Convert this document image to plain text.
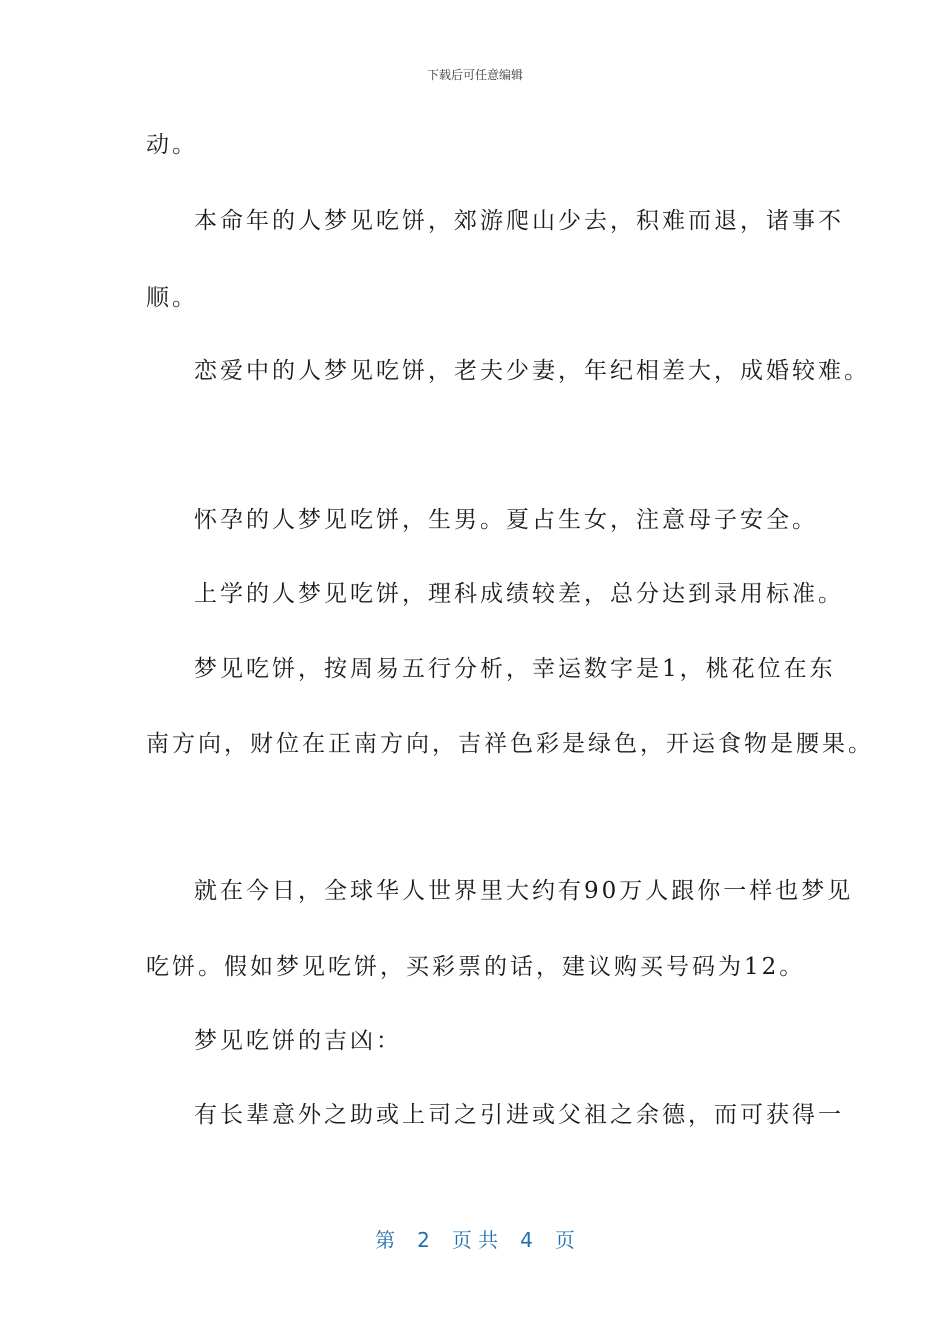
下载后可任意编辑
动。
本命年的人梦见吃饼，郊游爬山少去，积难而退，诸事不
顺。
恋爱中的人梦见吃饼，老夫少妻，年纪相差大，成婚较难。
怀孕的人梦见吃饼，生男。夏占生女，注意母子安全。
上学的人梦见吃饼，理科成绩较差，总分达到录用标准。
梦见吃饼，按周易五行分析，幸运数字是1，桃花位在东
南方向，财位在正南方向，吉祥色彩是绿色，开运食物是腰果。
就在今日，全球华人世界里大约有90万人跟你一样也梦见
吃饼。假如梦见吃饼，买彩票的话，建议购买号码为12。
梦见吃饼的吉凶：
有长辈意外之助或上司之引进或父祖之余德，而可获得一
第 2 页 共 4 页
